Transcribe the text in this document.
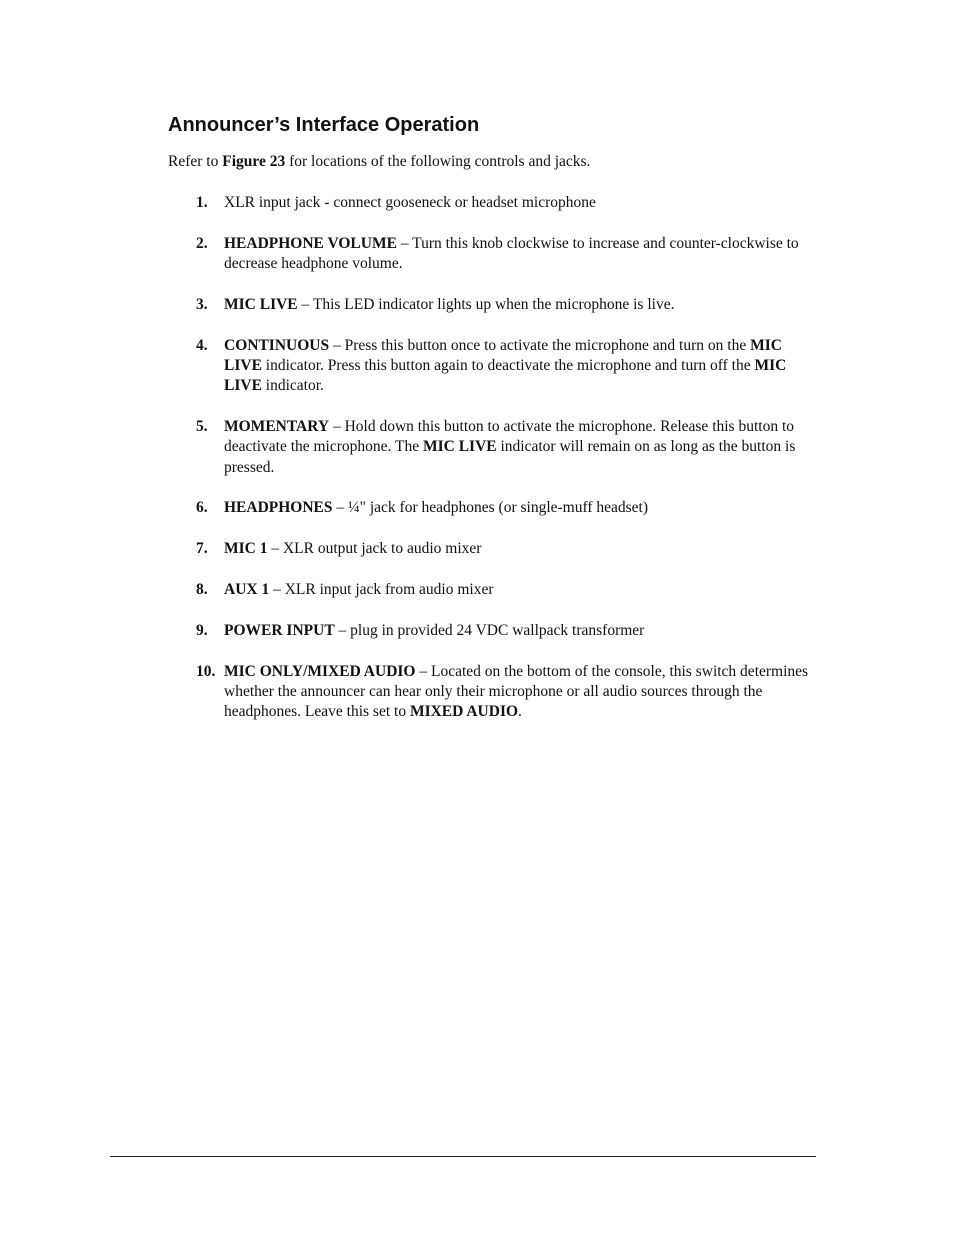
Announcer’s Interface Operation

Refer to Figure 23 for locations of the following controls and jacks.

1. XLR input jack - connect gooseneck or headset microphone
2. HEADPHONE VOLUME – Turn this knob clockwise to increase and counter-clockwise to decrease headphone volume.
3. MIC LIVE – This LED indicator lights up when the microphone is live.
4. CONTINUOUS – Press this button once to activate the microphone and turn on the MIC LIVE indicator. Press this button again to deactivate the microphone and turn off the MIC LIVE indicator.
5. MOMENTARY – Hold down this button to activate the microphone. Release this button to deactivate the microphone. The MIC LIVE indicator will remain on as long as the button is pressed.
6. HEADPHONES – ¼" jack for headphones (or single-muff headset)
7. MIC 1 – XLR output jack to audio mixer
8. AUX 1 – XLR input jack from audio mixer
9. POWER INPUT – plug in provided 24 VDC wallpack transformer
10. MIC ONLY/MIXED AUDIO – Located on the bottom of the console, this switch determines whether the announcer can hear only their microphone or all audio sources through the headphones. Leave this set to MIXED AUDIO.
